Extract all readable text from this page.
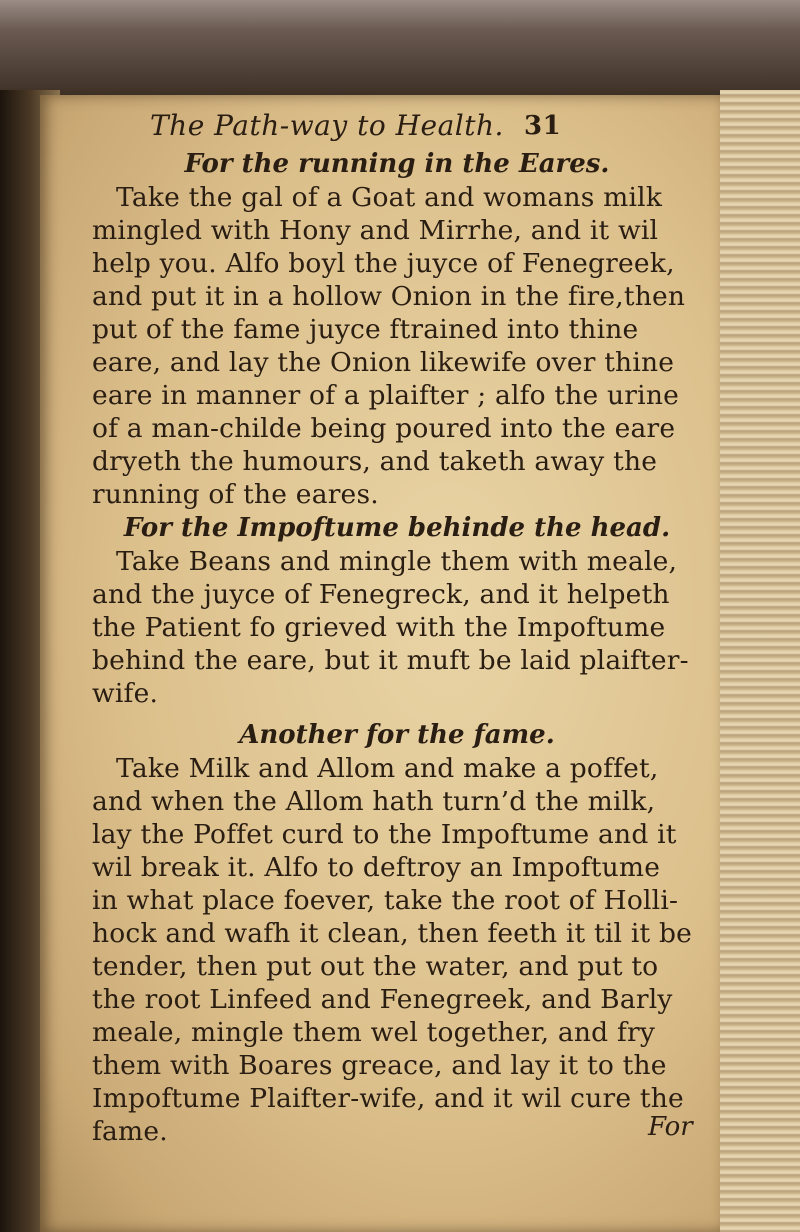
The Path-way to Health. 31
For the running in the Eares.

Take the gal of a Goat and womans milk
mingled with Hony and Mirrhe, and it wil
help you. Alfo boyl the juyce of Fenegreek,
and put it in a hollow Onion in the fire,then
put of the fame juyce ftrained into thine
eare, and lay the Onion likewife over thine
eare in manner of a plaifter ; alfo the urine
of a man-childe being poured into the eare
dryeth the humours, and taketh away the
running of the eares.

For the Impoftume behinde the head.

Take Beans and mingle them with meale,
and the juyce of Fenegreck, and it helpeth
the Patient fo grieved with the Impoftume
behind the eare, but it muft be laid plaifter-
wife.

Another for the fame.

Take Milk and Allom and make a poffet,
and when the Allom hath turn’d the milk,
lay the Poffet curd to the Impoftume and it
wil break it. Alfo to deftroy an Impoftume
in what place foever, take the root of Holli-
hock and wafh it clean, then feeth it til it be
tender, then put out the water, and put to
the root Linfeed and Fenegreek, and Barly
meale, mingle them wel together, and fry
them with Boares greace, and lay it to the
Impoftume Plaifter-wife, and it wil cure the
fame.	For
